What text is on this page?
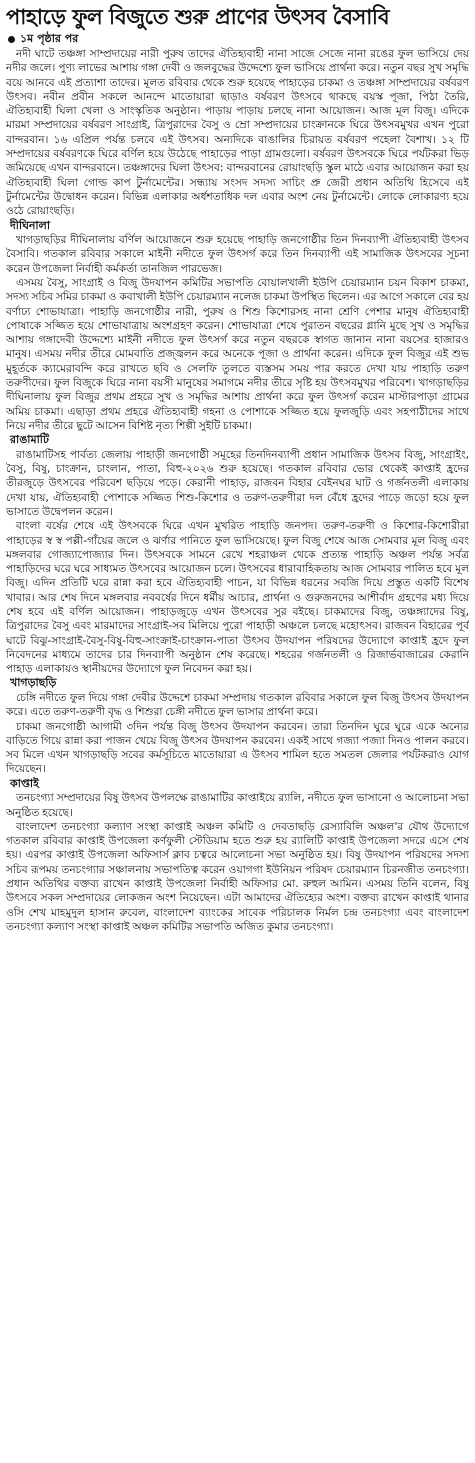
পাহাড়ে ফুল বিজুতে শুরু প্রাণের উৎসব বৈসাবি
১ম পৃষ্ঠার পর

নদী ঘাটে তঞ্চঙ্গা সাম্প্রদায়ের নারী পুরুষ তাদের ঐতিহ্যবাহী নানা সাজে সেজে নানা রঙের ফুল ভাসিয়ে দেয় নদীর জলে। পুণ্য লাভের আশায় গঙ্গা দেবী ও জলবুদ্ধের উদ্দেশ্যে ফুল ভাসিয়ে প্রার্থনা করে। নতুন বছর সুখ সমৃদ্ধি বয়ে আনবে এই প্রত্যাশা তাদের। মূলত রবিবার থেকে শুরু হয়েছে পাহাড়ের চাকমা ও তঞ্চঙ্গা সাম্প্রদায়ের বর্ষবরণ উৎসব। নবীন প্রবীন সকলে আনন্দে মাতোয়ারা ছাড়াও বর্ষবরণ উৎসবে থাকছে বয়স্ক পূজা, পিঠা তৈরি, ঐতিহ্যবাহী ঘিলা খেলা ও সাংস্কৃতিক অনুষ্ঠান। পাড়ায় পাড়ায় চলছে নানা আয়োজন। আজ মূল বিজু। এদিকে মারমা সম্প্রদায়ের বর্ষবরণ সাংগ্রাই, ত্রিপুরাদের বৈসু ও ম্রো সম্প্রদায়ের চাংক্রানকে ঘিরে উৎসবমুখর এখন পুরো বান্দরবান। ১৬ এপ্রিল পর্যন্ত চলবে এই উৎসব। অন্যদিকে বাঙালির চিরায়ত বর্ষবরণ পহেলা বৈশাখ। ১২ টি সম্প্রদায়ের বর্ষবরণকে ঘিরে বর্ণিল হয়ে উঠেছে পাহাড়ের পাড়া গ্রামগুলো। বর্ষবরণ উৎসবকে ঘিরে পর্যটকরা ভিড় জমিয়েছে এখন বান্দরবানে। তঞ্চঙ্গাদের ঘিলা উৎসব: বান্দরবানের রোয়াংছড়ি স্কুল মাঠে এবার আয়োজন করা হয় ঐতিহ্যবাহী ঘিলা গোল্ড কাপ টুর্নামেন্টের। সন্ধ্যায় সংসদ সদস্য সাচিং প্রু জেরী প্রধান অতিথি হিসেবে এই টুর্নামেন্টের উদ্বোধন করেন। বিভিন্ন এলাকার অর্ধশতাধিক দল এবার অংশ নেয় টুর্নামেন্টে। লোকে লোকারণ্য হয়ে ওঠে রোয়াংছড়ি।

দীঘিনালা

খাগড়াছড়ির দীঘিনালায় বর্ণিল আয়োজনে শুরু হয়েছে পাহাড়ি জনগোষ্ঠীর তিন দিনব্যাপী ঐতিহ্যবাহী উৎসব বৈসাবি। গতকাল রবিবার সকালে মাইনী নদীতে ফুল উৎসর্গ করে তিন দিনব্যাপী এই সামাজিক উৎসবের সূচনা করেন উপজেলা নির্বাহী কর্মকর্তা তানজিল পারভেজ।

এসময় বৈসু, সাংগ্রাই ও বিজু উদযাপন কমিটির সভাপতি বোয়ালখালী ইউপি চেয়ারম্যান চয়ন বিকাশ চাকমা, সদস্য সচিব সমির চাকমা ও কবাখালী ইউপি চেয়ারম্যান নলেজ চাকমা উপস্থিত ছিলেন। এর আগে সকালে বের হয় বর্ণাঢ্য শোভাযাত্রা। পাহাড়ি জনগোষ্ঠীর নারী, পুরুষ ও শিশু কিশোরসহ নানা শ্রেণি পেশার মানুষ ঐতিহ্যবাহী পোষাকে সজ্জিত হয়ে শোভাযাত্রায় অংশগ্রহণ করেন। শোভাযাত্রা শেষে পুরাতন বছরের গ্লানি মুছে সুখ ও সমৃদ্ধির আশায় গঙ্গাদেবী উদ্দেশ্যে মাইনী নদীতে ফুল উৎসর্গ করে নতুন বছরকে স্বাগত জানান নানা বয়সের হাজারও মানুষ। এসময় নদীর তীরে মোমবাতি প্রজ্জ্বলন করে অনেকে পূজা ও প্রার্থনা করেন। এদিকে ফুল বিজুর এই শুভ মুহূর্তকে ক্যামেরাবন্দি করে রাখতে ছবি ও সেলফি তুলতে ব্যস্তসম সময় পার করতে দেখা যায় পাহাড়ি তরুণ তরুণীদের। ফুল বিজুকে ঘিরে নানা বয়সী মানুষের সমাগমে নদীর তীরে সৃষ্টি হয় উৎসবমুখর পরিবেশ। খাগড়াছড়ির দীঘিনালায় ফুল বিজুর প্রথম প্রহরে সুখ ও সমৃদ্ধির আশায় প্রার্থনা করে ফুল উৎসর্গ করেন মাস্টারপাড়া গ্রামের অমিয় চাকমা। এছাড়া প্রথম প্রহরে ঐতিহ্যবাহী গহনা ও পোশাকে সজ্জিত হয়ে ফুলজুড়ি এবং সহপাঠীদের সাথে নিয়ে নদীর তীরে ছুটে আসেন বিশিষ্ট নৃত্য শিল্পী সুইটি চাকমা।

রাঙামাটি

রাঙামাটিসহ পার্বত্য জেলায় পাহাড়ী জনগোষ্ঠী সমূহের তিনদিনব্যাপী প্রধান সামাজিক উৎসব বিজু, সাংগ্রাইং, বৈসু, বিষু, চাংক্রান, চাংলান, পাতা, বিহু-২০২৬ শুরু হয়েছে। গতকাল রবিবার ভোর থেকেই কাপ্তাই হ্রদের তীরজুড়ে উৎসবের পরিবেশ ছড়িয়ে পড়ে। কেরানী পাহাড়, রাজবন বিহার বেইনঘর ঘাট ও গর্জনতলী এলাকায় দেখা যায়, ঐতিহ্যবাহী পোশাকে সজ্জিত শিশু-কিশোর ও তরুণ-তরুণীরা দল বেঁধে হ্রদের পাড়ে জড়ো হয়ে ফুল ভাসাতে উদ্বেপলন করেন।

বাংলা বর্ষের শেষে এই উৎসবকে ঘিরে এখন মুখরিত পাহাড়ি জনপদ। তরুণ-তরুণী ও কিশোর-কিশোরীরা পাহাড়ের স্ব স্ব পল্লী-গাঁয়ের জলে ও ঝর্ণার পানিতে ফুল ভাসিয়েছে। ফুল বিজু শেষে আজ সোমবার মূল বিজু এবং মঙ্গলবার গোজ্যাপোজ্যার দিন। উৎসবকে সামনে রেখে শহরাঞ্চল থেকে প্রত্যন্ত পাহাড়ি অঞ্চল পর্যন্ত সর্বত্র পাহাড়িদের ঘরে ঘরে সাধ্যমত উৎসবের আয়োজন চলে। উৎসবের ধারাবাহিকতায় আজ সোমবার পালিত হবে মূল বিজু। এদিন প্রতিটি ঘরে রান্না করা হবে ঐতিহ্যবাহী পাচন, যা বিভিন্ন ধরনের সবজি দিয়ে প্রস্তুত একটি বিশেষ খাবার। আর শেষ দিনে মঙ্গলবার নববর্ষের দিনে ধর্মীয় আচার, প্রার্থনা ও গুরুজনদের আশীর্বাদ গ্রহণের মধ্য দিয়ে শেষ হবে এই বর্ণিল আয়োজন। পাহাড়জুড়ে এখন উৎসবের সুর বইছে। চাকমাদের বিজু, তঞ্চঙ্গ্যাদের বিষু, ত্রিপুরাদের বৈসু এবং মারমাদের সাংগ্রাই-সব মিলিয়ে পুরো পাহাড়ী অঞ্চলে চলছে মহোৎসব। রাজবন বিহারের পূর্ব ঘাটে বিঝু-সাংগ্রাই-বৈসু-বিষু-বিহু-সাংক্রাই-চাংক্রান-পাতা উৎসব উদযাপন পরিষদের উদ্যোগে কাপ্তাই হ্রদে ফুল নিবেদনের মাধ্যমে তাদের চার দিনব্যাপী অনুষ্ঠান শেষ করেছে। শহরের গর্জনতলী ও রিজার্ভবাজারের কেরানি পাহাড় এলাকায়ও স্থানীয়দের উদ্যোগে ফুল নিবেদন করা হয়।

খাগড়াছড়ি

চেঙ্গি নদীতে ফুল দিয়ে গঙ্গা দেবীর উদ্দেশে চাকমা সম্প্রদায় গতকাল রবিবার সকালে ফুল বিজু উৎসব উদযাপন করে। এতে তরুণ-তরুণী বৃদ্ধ ও শিশুরা চেঙ্গী নদীতে ফুল ভাসার প্রার্থনা করে।

চাকমা জনগোষ্ঠী আগামী ৩দিন পর্যন্ত বিজু উৎসব উদযাপন করবেন। তারা তিনদিন ঘুরে ঘুরে একে অন্যের বাড়িতে গিয়ে রান্না করা পাজন খেয়ে বিজু উৎসব উদযাপন করবেন। একই সাথে গজ্যা পজ্যা দিনও পালন করবে। সব মিলে এখন খাগড়াছড়ি সবের কর্মসূচিতে মাতোয়ারা এ উৎসব শামিল হতে সমতল জেলার পর্যটকরাও যোগ দিয়েছেন।

কাপ্তাই

তনচংগ্যা সম্প্রদায়ের বিষু উৎসব উপলক্ষে রাঙামাটির কাপ্তাইয়ে র‍্যালি, নদীতে ফুল ভাসানো ও আলোচনা সভা অনুষ্ঠিত হয়েছে।

বাংলাদেশ তনচংগ্যা কল্যাণ সংস্থা কাপ্তাই অঞ্চল কমিটি ও দেবতাছড়ি রেস্যাবিলি অঞ্চল'র যৌথ উদ্যোগে গতকাল রবিবার কাপ্তাই উপজেলা কর্ণফুলী স্টেডিয়াম হতে শুরু হয় র‍্যালিটি কাপ্তাই উপজেলা সদরে এসে শেষ হয়। এরপর কাপ্তাই উপজেলা অফিসার্স ক্লাব চত্বরে আলোচনা সভা অনুষ্ঠিত হয়। বিষু উদযাপন পরিষদের সদস্য সচিব রূপময় তনচংগ্যার সঞ্চালনায় সভাপতিত্ব করেন ওয়াগগা ইউনিয়ন পরিষদ চেয়ারম্যান চিরনজীত তনচংগ্যা। প্রধান অতিথির বক্তব্য রাখেন কাপ্তাই উপজেলা নির্বাহী অফিসার মো. রুহুল আমিন। এসময় তিনি বলেন, বিষু উৎসবে সকল সম্প্রদায়ের লোকজন অংশ নিয়েছেন। এটা আমাদের ঐতিহ্যের অংশ। বক্তব্য রাখেন কাপ্তাই থানার ওসি শেখ মাহমুদুল হাসান রুবেল, বাংলাদেশ ব্যাংকের সাবেক পরিচালক নির্মল চন্দ্র তনচংগ্যা এবং বাংলাদেশ তনচংগ্যা কল্যাণ সংস্থা কাপ্তাই অঞ্চল কমিটির সভাপতি অজিত কুমার তনচংগ্যা।
